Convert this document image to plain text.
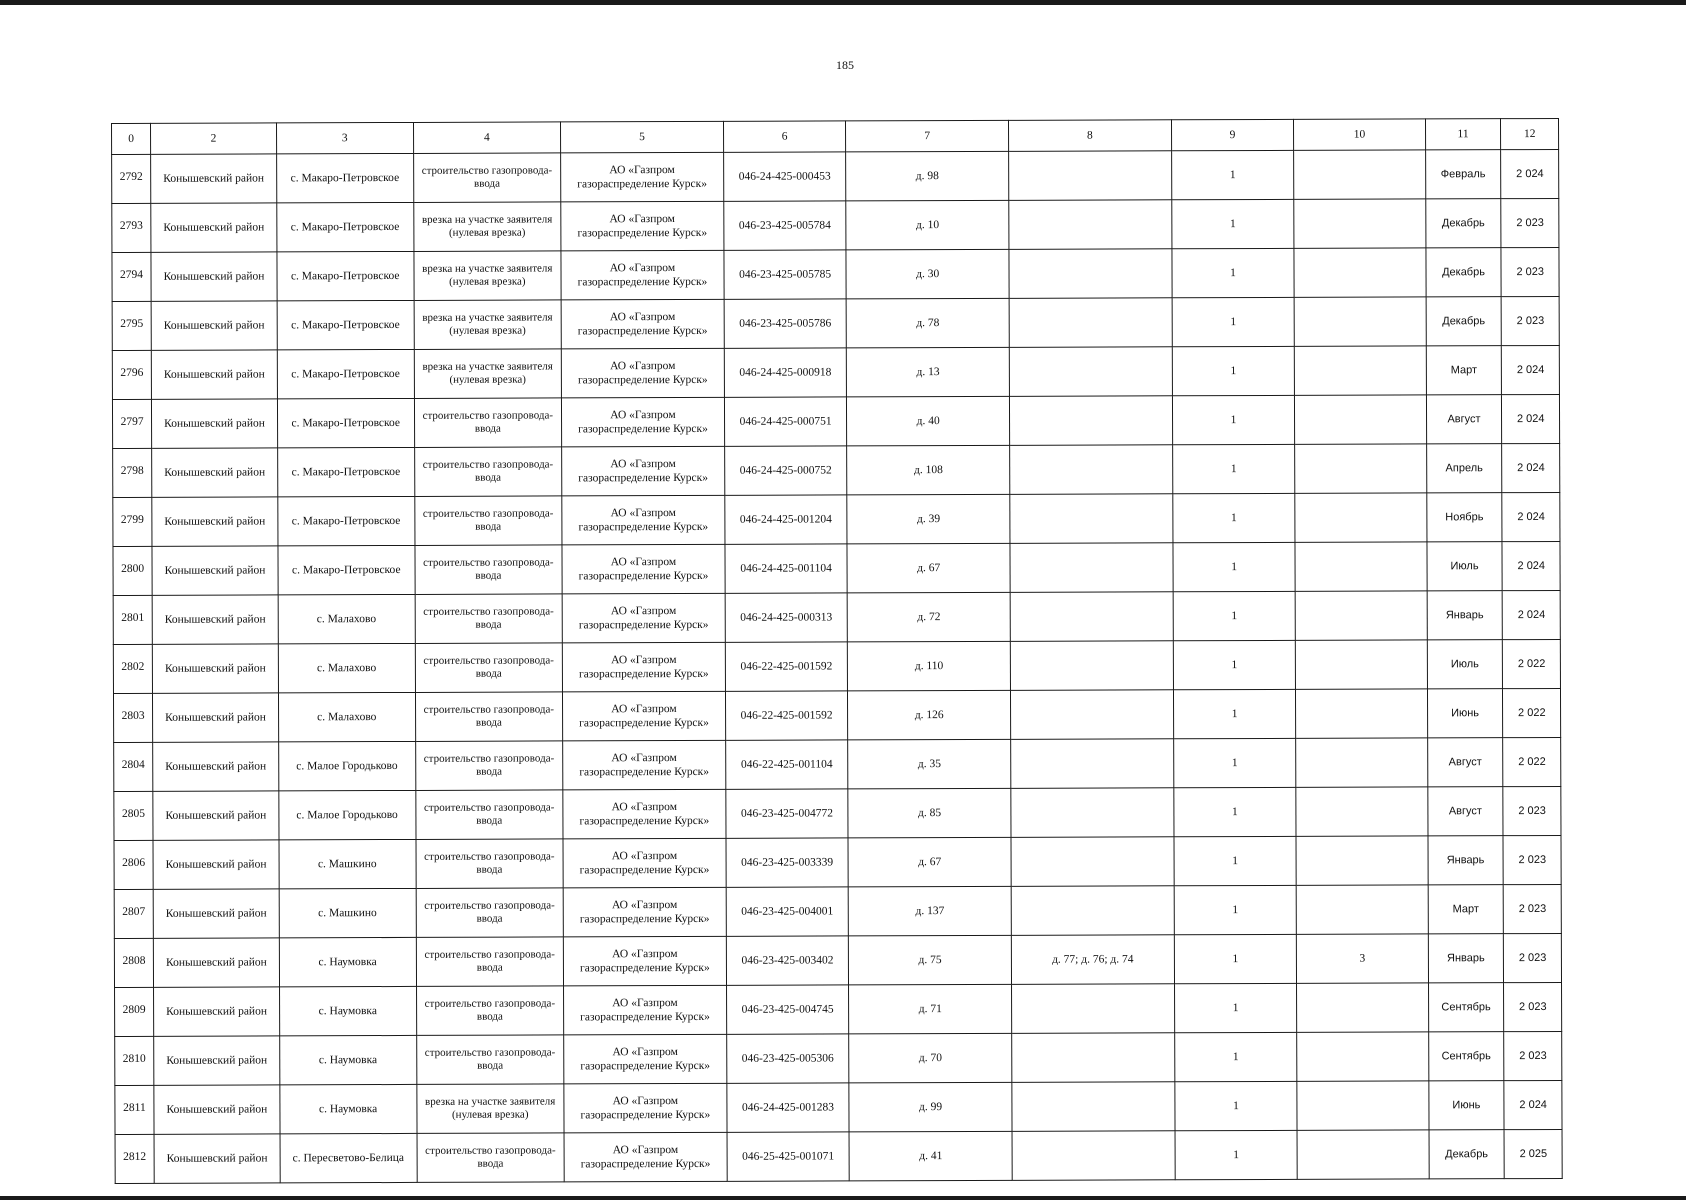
185
0	2	3	4	5	6	7	8	9	10	11	12
2792	Конышевский район	с. Макаро-Петровское	строительство газопровода-ввода	АО «Газпром газораспределение Курск»	046-24-425-000453	д. 98		1		Февраль	2 024
2793	Конышевский район	с. Макаро-Петровское	врезка на участке заявителя (нулевая врезка)	АО «Газпром газораспределение Курск»	046-23-425-005784	д. 10		1		Декабрь	2 023
2794	Конышевский район	с. Макаро-Петровское	врезка на участке заявителя (нулевая врезка)	АО «Газпром газораспределение Курск»	046-23-425-005785	д. 30		1		Декабрь	2 023
2795	Конышевский район	с. Макаро-Петровское	врезка на участке заявителя (нулевая врезка)	АО «Газпром газораспределение Курск»	046-23-425-005786	д. 78		1		Декабрь	2 023
2796	Конышевский район	с. Макаро-Петровское	врезка на участке заявителя (нулевая врезка)	АО «Газпром газораспределение Курск»	046-24-425-000918	д. 13		1		Март	2 024
2797	Конышевский район	с. Макаро-Петровское	строительство газопровода-ввода	АО «Газпром газораспределение Курск»	046-24-425-000751	д. 40		1		Август	2 024
2798	Конышевский район	с. Макаро-Петровское	строительство газопровода-ввода	АО «Газпром газораспределение Курск»	046-24-425-000752	д. 108		1		Апрель	2 024
2799	Конышевский район	с. Макаро-Петровское	строительство газопровода-ввода	АО «Газпром газораспределение Курск»	046-24-425-001204	д. 39		1		Ноябрь	2 024
2800	Конышевский район	с. Макаро-Петровское	строительство газопровода-ввода	АО «Газпром газораспределение Курск»	046-24-425-001104	д. 67		1		Июль	2 024
2801	Конышевский район	с. Малахово	строительство газопровода-ввода	АО «Газпром газораспределение Курск»	046-24-425-000313	д. 72		1		Январь	2 024
2802	Конышевский район	с. Малахово	строительство газопровода-ввода	АО «Газпром газораспределение Курск»	046-22-425-001592	д. 110		1		Июль	2 022
2803	Конышевский район	с. Малахово	строительство газопровода-ввода	АО «Газпром газораспределение Курск»	046-22-425-001592	д. 126		1		Июнь	2 022
2804	Конышевский район	с. Малое Городьково	строительство газопровода-ввода	АО «Газпром газораспределение Курск»	046-22-425-001104	д. 35		1		Август	2 022
2805	Конышевский район	с. Малое Городьково	строительство газопровода-ввода	АО «Газпром газораспределение Курск»	046-23-425-004772	д. 85		1		Август	2 023
2806	Конышевский район	с. Машкино	строительство газопровода-ввода	АО «Газпром газораспределение Курск»	046-23-425-003339	д. 67		1		Январь	2 023
2807	Конышевский район	с. Машкино	строительство газопровода-ввода	АО «Газпром газораспределение Курск»	046-23-425-004001	д. 137		1		Март	2 023
2808	Конышевский район	с. Наумовка	строительство газопровода-ввода	АО «Газпром газораспределение Курск»	046-23-425-003402	д. 75	д. 77; д. 76; д. 74	1	3	Январь	2 023
2809	Конышевский район	с. Наумовка	строительство газопровода-ввода	АО «Газпром газораспределение Курск»	046-23-425-004745	д. 71		1		Сентябрь	2 023
2810	Конышевский район	с. Наумовка	строительство газопровода-ввода	АО «Газпром газораспределение Курск»	046-23-425-005306	д. 70		1		Сентябрь	2 023
2811	Конышевский район	с. Наумовка	врезка на участке заявителя (нулевая врезка)	АО «Газпром газораспределение Курск»	046-24-425-001283	д. 99		1		Июнь	2 024
2812	Конышевский район	с. Пересветово-Белица	строительство газопровода-ввода	АО «Газпром газораспределение Курск»	046-25-425-001071	д. 41		1		Декабрь	2 025
